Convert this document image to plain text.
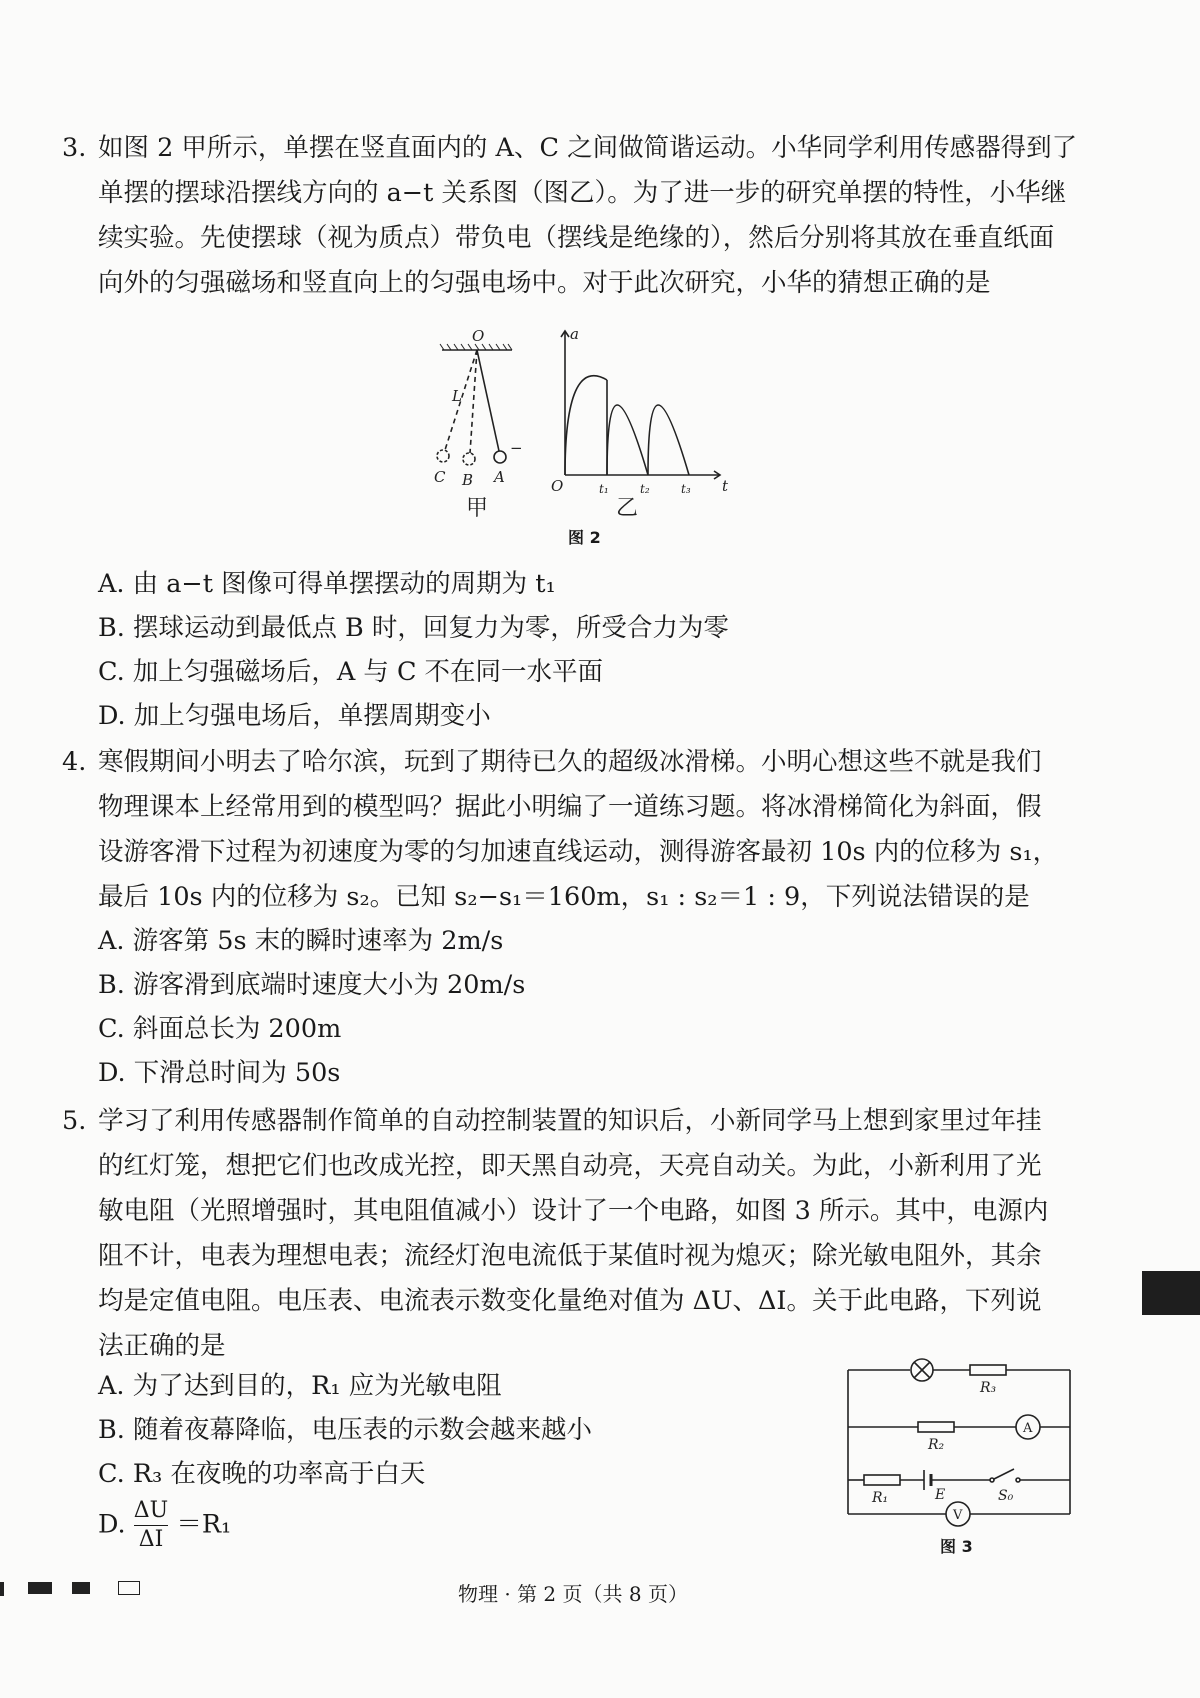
3. 如图 2 甲所示，单摆在竖直面内的 A、C 之间做简谐运动。小华同学利用传感器得到了

单摆的摆球沿摆线方向的 a−t 关系图（图乙）。为了进一步的研究单摆的特性，小华继

续实验。先使摆球（视为质点）带负电（摆线是绝缘的），然后分别将其放在垂直纸面

向外的匀强磁场和竖直向上的匀强电场中。对于此次研究，小华的猜想正确的是

O
L
C B A
−
a
O	t
t₁	t₂	t₃
甲	乙
图 2
A. 由 a−t 图像可得单摆摆动的周期为 t₁
B. 摆球运动到最低点 B 时，回复力为零，所受合力为零
C. 加上匀强磁场后，A 与 C 不在同一水平面
D. 加上匀强电场后，单摆周期变小
4. 寒假期间小明去了哈尔滨，玩到了期待已久的超级冰滑梯。小明心想这些不就是我们

物理课本上经常用到的模型吗？据此小明编了一道练习题。将冰滑梯简化为斜面，假

设游客滑下过程为初速度为零的匀加速直线运动，测得游客最初 10s 内的位移为 s₁，

最后 10s 内的位移为 s₂。已知 s₂−s₁＝160m，s₁ : s₂＝1 : 9，下列说法错误的是

A. 游客第 5s 末的瞬时速率为 2m/s
B. 游客滑到底端时速度大小为 20m/s
C. 斜面总长为 200m
D. 下滑总时间为 50s
5. 学习了利用传感器制作简单的自动控制装置的知识后，小新同学马上想到家里过年挂

的红灯笼，想把它们也改成光控，即天黑自动亮，天亮自动关。为此，小新利用了光

敏电阻（光照增强时，其电阻值减小）设计了一个电路，如图 3 所示。其中，电源内

阻不计，电表为理想电表；流经灯泡电流低于某值时视为熄灭；除光敏电阻外，其余

均是定值电阻。电压表、电流表示数变化量绝对值为 ΔU、ΔI。关于此电路，下列说

法正确的是

A. 为了达到目的，R₁ 应为光敏电阻
B. 随着夜幕降临，电压表的示数会越来越小
C. R₃ 在夜晚的功率高于白天
D. $\frac{\Delta U}{\Delta I} =R_1$
R₃
R₂
R₁	E	S₀
A
V
图 3
物理 · 第 2 页（共 8 页）
